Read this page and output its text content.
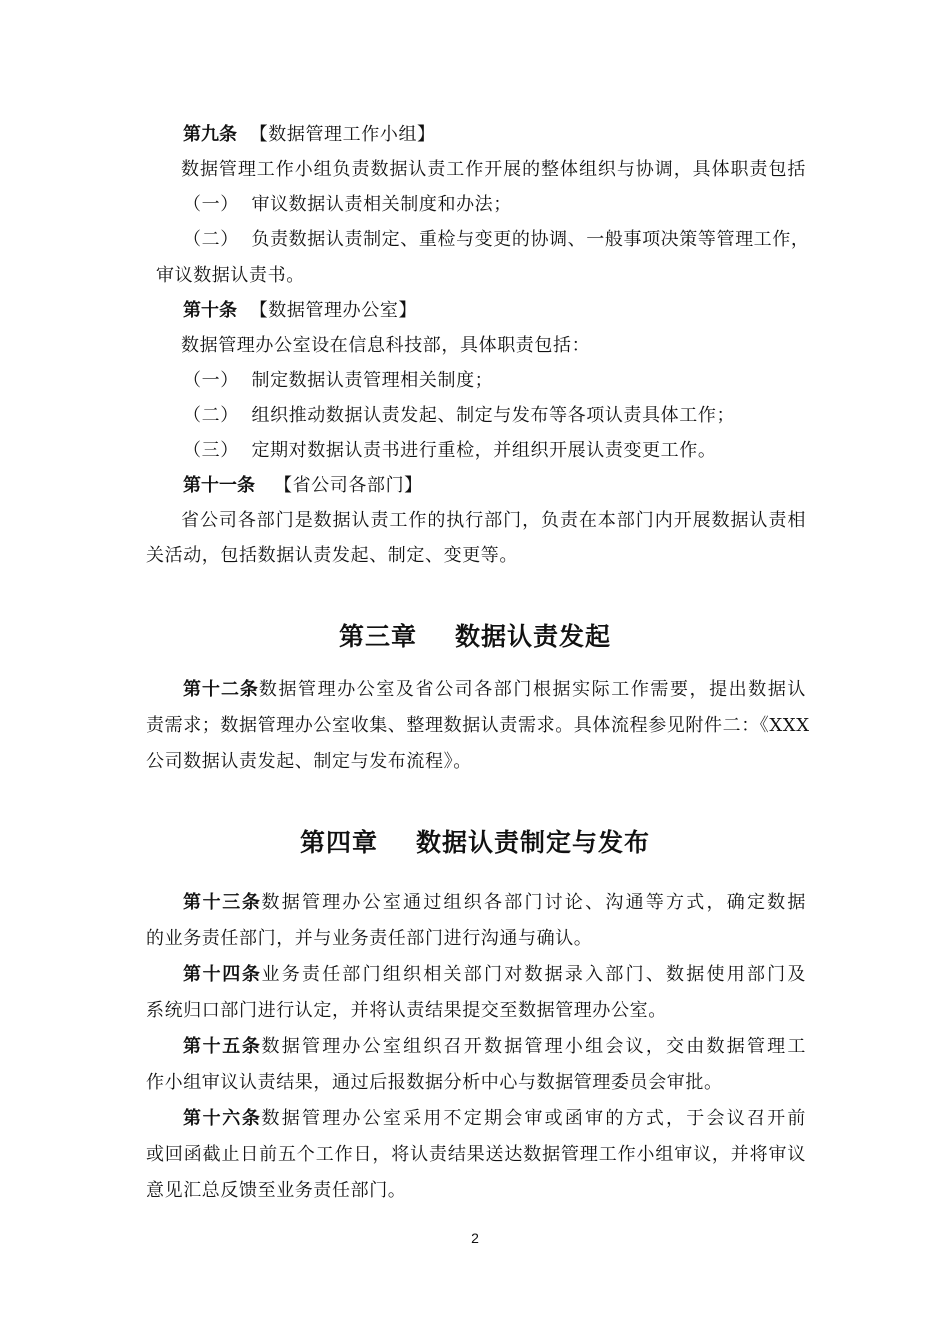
第九条 【数据管理工作小组】
数据管理工作小组负责数据认责工作开展的整体组织与协调，具体职责包括
（一） 审议数据认责相关制度和办法；
（二） 负责数据认责制定、重检与变更的协调、一般事项决策等管理工作，
审议数据认责书。
第十条 【数据管理办公室】
数据管理办公室设在信息科技部，具体职责包括：
（一） 制定数据认责管理相关制度；
（二） 组织推动数据认责发起、制定与发布等各项认责具体工作；
（三） 定期对数据认责书进行重检，并组织开展认责变更工作。
第十一条 【省公司各部门】
省公司各部门是数据认责工作的执行部门，负责在本部门内开展数据认责相
关活动，包括数据认责发起、制定、变更等。
第三章 数据认责发起
第十二条数据管理办公室及省公司各部门根据实际工作需要，提出数据认
责需求；数据管理办公室收集、整理数据认责需求。具体流程参见附件二：《XXX
公司数据认责发起、制定与发布流程》。
第四章 数据认责制定与发布
第十三条数据管理办公室通过组织各部门讨论、沟通等方式，确定数据
的业务责任部门，并与业务责任部门进行沟通与确认。
第十四条业务责任部门组织相关部门对数据录入部门、数据使用部门及
系统归口部门进行认定，并将认责结果提交至数据管理办公室。
第十五条数据管理办公室组织召开数据管理小组会议，交由数据管理工
作小组审议认责结果，通过后报数据分析中心与数据管理委员会审批。
第十六条数据管理办公室采用不定期会审或函审的方式，于会议召开前
或回函截止日前五个工作日，将认责结果送达数据管理工作小组审议，并将审议
意见汇总反馈至业务责任部门。
2
